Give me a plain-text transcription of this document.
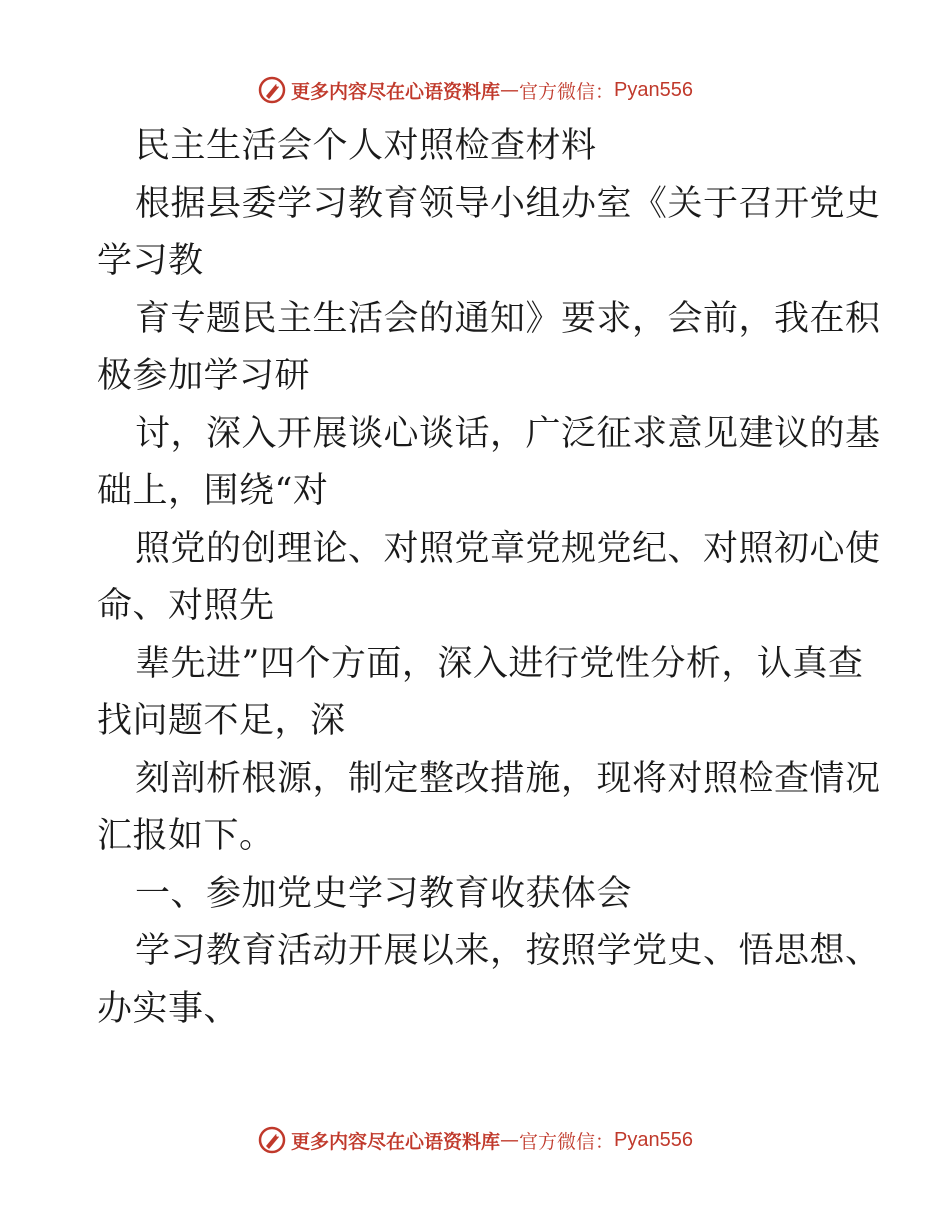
更多内容尽在心语资料库 — 官方微信： Pyan556
民主生活会个人对照检查材料
根据县委学习教育领导小组办室《关于召开党史
学习教
育专题民主生活会的通知》要求，会前，我在积
极参加学习研
讨，深入开展谈心谈话，广泛征求意见建议的基
础上，围绕“对
照党的创理论、对照党章党规党纪、对照初心使
命、对照先
辈先进”四个方面，深入进行党性分析，认真查
找问题不足，深
刻剖析根源，制定整改措施，现将对照检查情况
汇报如下。
一、参加党史学习教育收获体会
学习教育活动开展以来，按照学党史、悟思想、
办实事、
更多内容尽在心语资料库 — 官方微信： Pyan556
